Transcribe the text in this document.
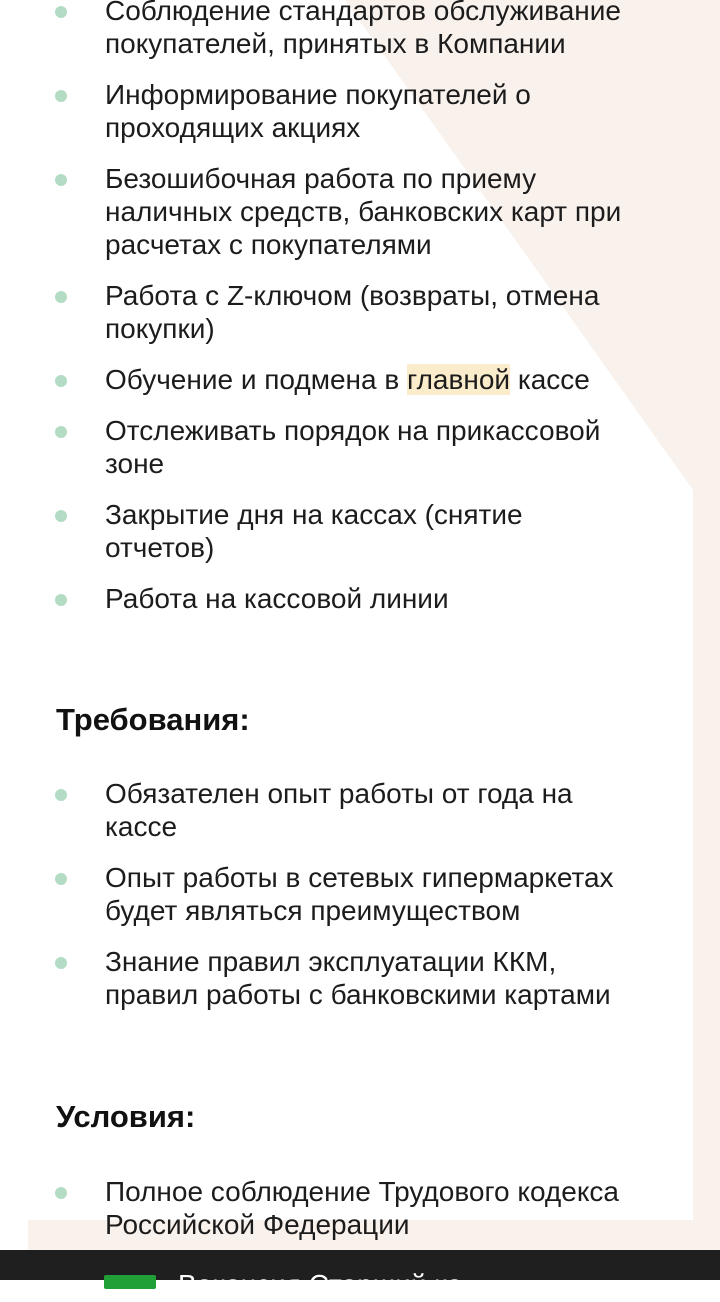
Соблюдение стандартов обслуживание
покупателей, принятых в Компании
Информирование покупателей о
проходящих акциях
Безошибочная работа по приему
наличных средств, банковских карт при
расчетах с покупателями
Работа с Z-ключом (возвраты, отмена
покупки)
Обучение и подмена в главной кассе
Отслеживать порядок на прикассовой
зоне
Закрытие дня на кассах (снятие
отчетов)
Работа на кассовой линии
Требования:
Обязателен опыт работы от года на
кассе
Опыт работы в сетевых гипермаркетах
будет являться преимуществом
Знание правил эксплуатации ККМ,
правил работы с банковскими картами
Условия:
Полное соблюдение Трудового кодекса
Российской Федерации
Вакансия Старший ко
